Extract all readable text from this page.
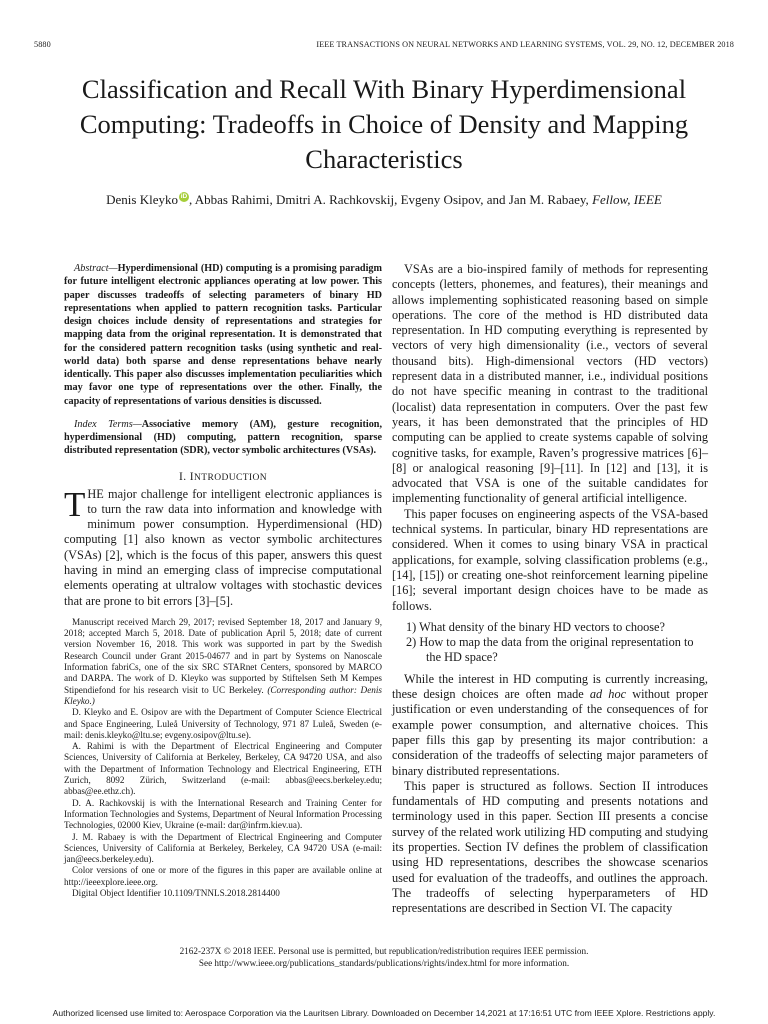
5880	IEEE TRANSACTIONS ON NEURAL NETWORKS AND LEARNING SYSTEMS, VOL. 29, NO. 12, DECEMBER 2018
Classification and Recall With Binary Hyperdimensional Computing: Tradeoffs in Choice of Density and Mapping Characteristics
Denis Kleyko iD , Abbas Rahimi, Dmitri A. Rachkovskij, Evgeny Osipov, and Jan M. Rabaey, Fellow, IEEE

Abstract—Hyperdimensional (HD) computing is a promising paradigm for future intelligent electronic appliances operating at low power. This paper discusses tradeoffs of selecting parameters of binary HD representations when applied to pattern recognition tasks. Particular design choices include density of representations and strategies for mapping data from the original representation. It is demonstrated that for the considered pattern recognition tasks (using synthetic and real-world data) both sparse and dense representations behave nearly identically. This paper also discusses implementation peculiarities which may favor one type of representations over the other. Finally, the capacity of representations of various densities is discussed.

Index Terms—Associative memory (AM), gesture recognition, hyperdimensional (HD) computing, pattern recognition, sparse distributed representation (SDR), vector symbolic architectures (VSAs).

I. INTRODUCTION

THE major challenge for intelligent electronic appliances is to turn the raw data into information and knowledge with minimum power consumption. Hyperdimensional (HD) computing [1] also known as vector symbolic architectures (VSAs) [2], which is the focus of this paper, answers this quest having in mind an emerging class of imprecise computational elements operating at ultralow voltages with stochastic devices that are prone to bit errors [3]–[5].

Manuscript received March 29, 2017; revised September 18, 2017 and January 9, 2018; accepted March 5, 2018. Date of publication April 5, 2018; date of current version November 16, 2018. This work was supported in part by the Swedish Research Council under Grant 2015-04677 and in part by Systems on Nanoscale Information fabriCs, one of the six SRC STARnet Centers, sponsored by MARCO and DARPA. The work of D. Kleyko was supported by Stiftelsen Seth M Kempes Stipendiefond for his research visit to UC Berkeley. (Corresponding author: Denis Kleyko.)

D. Kleyko and E. Osipov are with the Department of Computer Science Electrical and Space Engineering, Luleå University of Technology, 971 87 Luleå, Sweden (e-mail: denis.kleyko@ltu.se; evgeny.osipov@ltu.se).

A. Rahimi is with the Department of Electrical Engineering and Computer Sciences, University of California at Berkeley, Berkeley, CA 94720 USA, and also with the Department of Information Technology and Electrical Engineering, ETH Zurich, 8092 Zürich, Switzerland (e-mail: abbas@eecs.berkeley.edu; abbas@ee.ethz.ch).

D. A. Rachkovskij is with the International Research and Training Center for Information Technologies and Systems, Department of Neural Information Processing Technologies, 02000 Kiev, Ukraine (e-mail: dar@infrm.kiev.ua).

J. M. Rabaey is with the Department of Electrical Engineering and Computer Sciences, University of California at Berkeley, Berkeley, CA 94720 USA (e-mail: jan@eecs.berkeley.edu).

Color versions of one or more of the figures in this paper are available online at http://ieeexplore.ieee.org.

Digital Object Identifier 10.1109/TNNLS.2018.2814400

VSAs are a bio-inspired family of methods for representing concepts (letters, phonemes, and features), their meanings and allows implementing sophisticated reasoning based on simple operations. The core of the method is HD distributed data representation. In HD computing everything is represented by vectors of very high dimensionality (i.e., vectors of several thousand bits). High-dimensional vectors (HD vectors) represent data in a distributed manner, i.e., individual positions do not have specific meaning in contrast to the traditional (localist) data representation in computers. Over the past few years, it has been demonstrated that the principles of HD computing can be applied to create systems capable of solving cognitive tasks, for example, Raven’s progressive matrices [6]–[8] or analogical reasoning [9]–[11]. In [12] and [13], it is advocated that VSA is one of the suitable candidates for implementing functionality of general artificial intelligence.

This paper focuses on engineering aspects of the VSA-based technical systems. In particular, binary HD representations are considered. When it comes to using binary VSA in practical applications, for example, solving classification problems (e.g., [14], [15]) or creating one-shot reinforcement learning pipeline [16]; several important design choices have to be made as follows.

1) What density of the binary HD vectors to choose?
2) How to map the data from the original representation to the HD space?

While the interest in HD computing is currently increasing, these design choices are often made ad hoc without proper justification or even understanding of the consequences of for example power consumption, and alternative choices. This paper fills this gap by presenting its major contribution: a consideration of the tradeoffs of selecting major parameters of binary distributed representations.

This paper is structured as follows. Section II introduces fundamentals of HD computing and presents notations and terminology used in this paper. Section III presents a concise survey of the related work utilizing HD computing and studying its properties. Section IV defines the problem of classification using HD representations, describes the showcase scenarios used for evaluation of the tradeoffs, and outlines the approach. The tradeoffs of selecting hyperparameters of HD representations are described in Section VI. The capacity

2162-237X © 2018 IEEE. Personal use is permitted, but republication/redistribution requires IEEE permission.
See http://www.ieee.org/publications_standards/publications/rights/index.html for more information.
Authorized licensed use limited to: Aerospace Corporation via the Lauritsen Library. Downloaded on December 14,2021 at 17:16:51 UTC from IEEE Xplore. Restrictions apply.
